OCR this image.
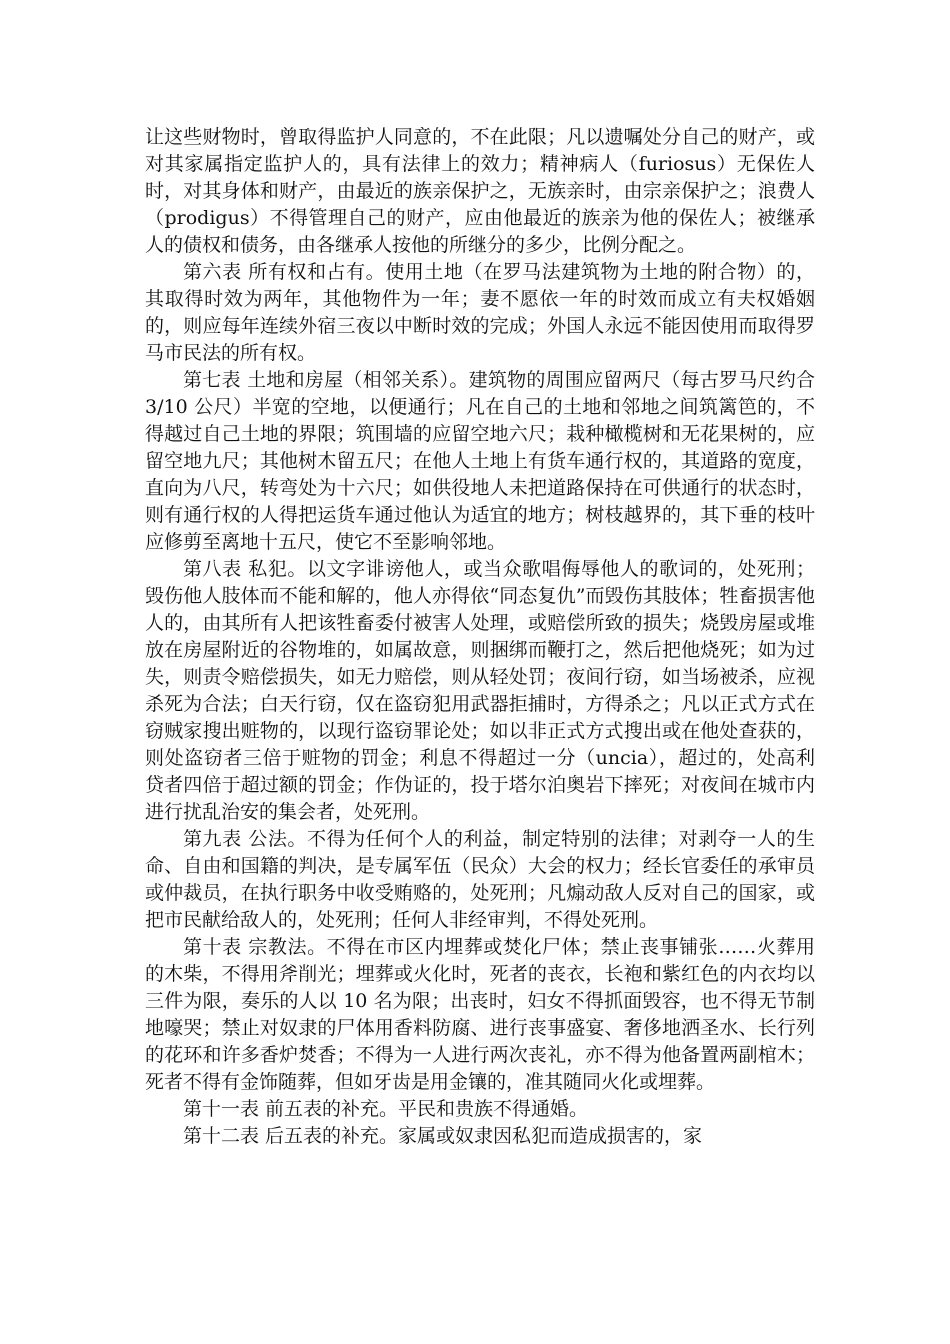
让这些财物时，曾取得监护人同意的，不在此限；凡以遗嘱处分自己的财产，或对其家属指定监护人的，具有法律上的效力；精神病人（furiosus）无保佐人时，对其身体和财产，由最近的族亲保护之，无族亲时，由宗亲保护之；浪费人（prodigus）不得管理自己的财产，应由他最近的族亲为他的保佐人；被继承人的债权和债务，由各继承人按他的所继分的多少，比例分配之。

第六表 所有权和占有。使用土地（在罗马法建筑物为土地的附合物）的，其取得时效为两年，其他物件为一年；妻不愿依一年的时效而成立有夫权婚姻 的，则应每年连续外宿三夜以中断时效的完成；外国人永远不能因使用而取得罗马市民法的所有权。

第七表 土地和房屋（相邻关系）。建筑物的周围应留两尺（每古罗马尺约合 3/10 公尺）半宽的空地，以便通行；凡在自己的土地和邻地之间筑篱笆的，不得越过自己土地的界限；筑围墙的应留空地六尺；栽种橄榄树和无花果树的，应留空地九尺；其他树木留五尺；在他人土地上有货车通行权的，其道路的宽度，直向为八尺，转弯处为十六尺；如供役地人未把道路保持在可供通行的状态时，则有通行权的人得把运货车通过他认为适宜的地方；树枝越界的，其下垂的枝叶应修剪至离地十五尺，使它不至影响邻地。

第八表 私犯。以文字诽谤他人，或当众歌唱侮辱他人的歌词的，处死刑；毁伤他人肢体而不能和解的，他人亦得依“同态复仇”而毁伤其肢体；牲畜损害他人的，由其所有人把该牲畜委付被害人处理，或赔偿所致的损失；烧毁房屋或堆放在房屋附近的谷物堆的，如属故意，则捆绑而鞭打之，然后把他烧死；如为过失，则责令赔偿损失，如无力赔偿，则从轻处罚；夜间行窃，如当场被杀，应视杀死为合法；白天行窃，仅在盗窃犯用武器拒捕时，方得杀之；凡以正式方式在窃贼家搜出赃物的，以现行盗窃罪论处；如以非正式方式搜出或在他处查获的，则处盗窃者三倍于赃物的罚金；利息不得超过一分（uncia），超过的，处高利贷者四倍于超过额的罚金；作伪证的，投于塔尔泊奥岩下摔死；对夜间在城市内进行扰乱治安的集会者，处死刑。

第九表 公法。不得为任何个人的利益，制定特别的法律；对剥夺一人的生命、自由和国籍的判决，是专属军伍（民众）大会的权力；经长官委任的承审员或仲裁员，在执行职务中收受贿赂的，处死刑；凡煽动敌人反对自己的国家，或把市民献给敌人的，处死刑；任何人非经审判，不得处死刑。

第十表 宗教法。不得在市区内埋葬或焚化尸体；禁止丧事铺张……火葬用的木柴，不得用斧削光；埋葬或火化时，死者的丧衣，长袍和紫红色的内衣均以三件为限，奏乐的人以 10 名为限；出丧时，妇女不得抓面毁容，也不得无节制地嚎哭；禁止对奴隶的尸体用香料防腐、进行丧事盛宴、奢侈地洒圣水、长行列的花环和许多香炉焚香；不得为一人进行两次丧礼，亦不得为他备置两副棺木；死者不得有金饰随葬，但如牙齿是用金镶的，准其随同火化或埋葬。

第十一表 前五表的补充。平民和贵族不得通婚。

第十二表 后五表的补充。家属或奴隶因私犯而造成损害的，家
